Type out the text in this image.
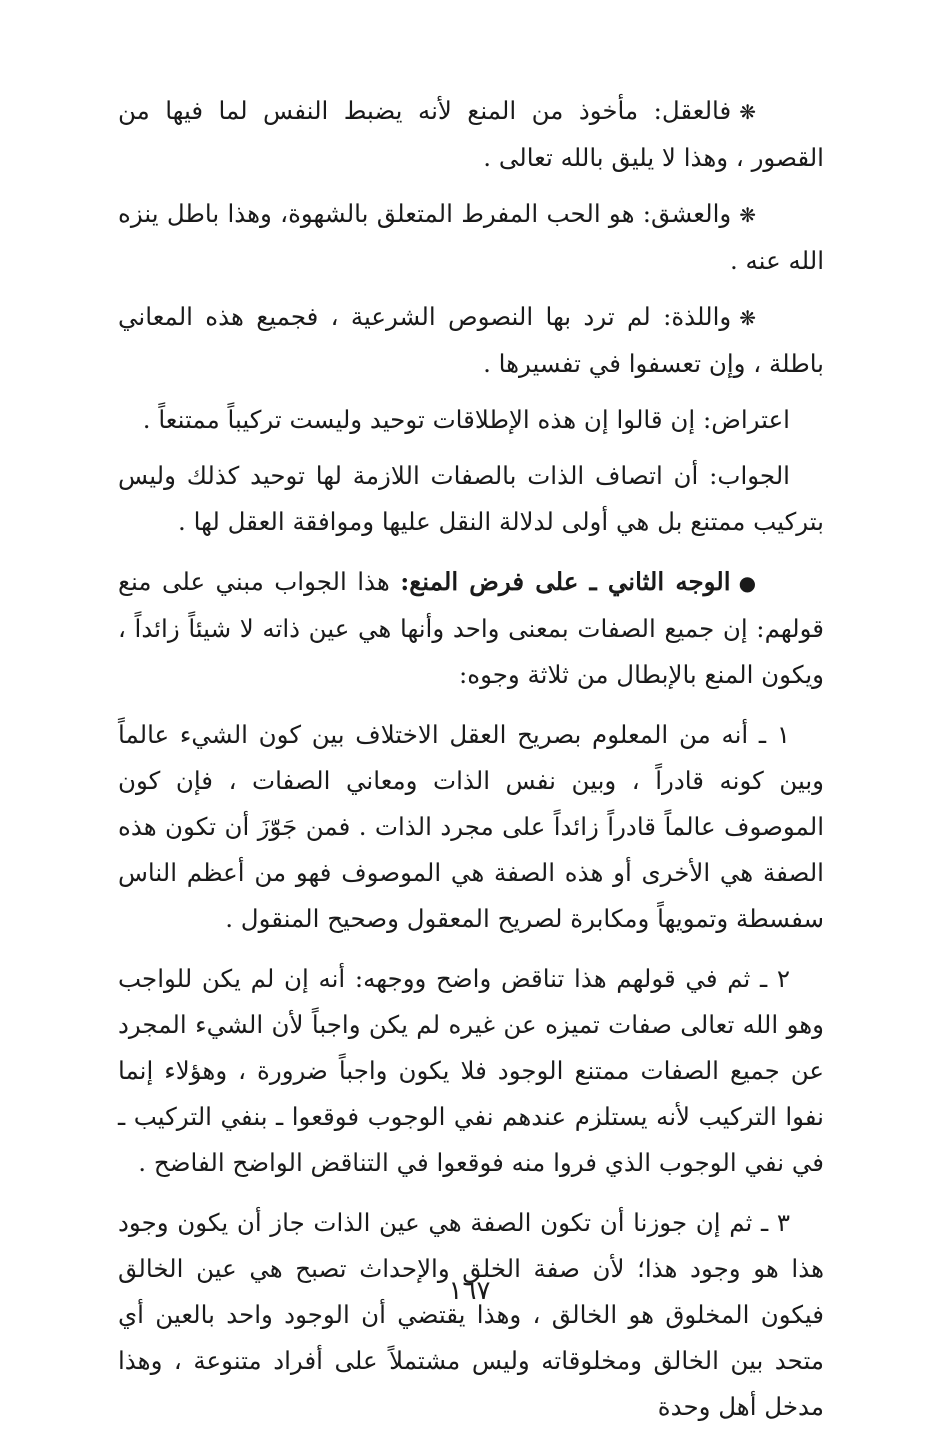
❋فالعقل: مأخوذ من المنع لأنه يضبط النفس لما فيها من القصور ، وهذا لا يليق بالله تعالى .

❋والعشق: هو الحب المفرط المتعلق بالشهوة، وهذا باطل ينزه الله عنه .

❋واللذة: لم ترد بها النصوص الشرعية ، فجميع هذه المعاني باطلة ، وإن تعسفوا في تفسيرها .

اعتراض: إن قالوا إن هذه الإطلاقات توحيد وليست تركيباً ممتنعاً .

الجواب: أن اتصاف الذات بالصفات اللازمة لها توحيد كذلك وليس بتركيب ممتنع بل هي أولى لدلالة النقل عليها وموافقة العقل لها .

●الوجه الثاني ـ على فرض المنع: هذا الجواب مبني على منع قولهم: إن جميع الصفات بمعنى واحد وأنها هي عين ذاته لا شيئاً زائداً ، ويكون المنع بالإبطال من ثلاثة وجوه:

١ ـ أنه من المعلوم بصريح العقل الاختلاف بين كون الشيء عالماً وبين كونه قادراً ، وبين نفس الذات ومعاني الصفات ، فإن كون الموصوف عالماً قادراً زائداً على مجرد الذات . فمن جَوّزَ أن تكون هذه الصفة هي الأخرى أو هذه الصفة هي الموصوف فهو من أعظم الناس سفسطة وتمويهاً ومكابرة لصريح المعقول وصحيح المنقول .

٢ ـ ثم في قولهم هذا تناقض واضح ووجهه: أنه إن لم يكن للواجب وهو الله تعالى صفات تميزه عن غيره لم يكن واجباً لأن الشيء المجرد عن جميع الصفات ممتنع الوجود فلا يكون واجباً ضرورة ، وهؤلاء إنما نفوا التركيب لأنه يستلزم عندهم نفي الوجوب فوقعوا ـ بنفي التركيب ـ في نفي الوجوب الذي فروا منه فوقعوا في التناقض الواضح الفاضح .

٣ ـ ثم إن جوزنا أن تكون الصفة هي عين الذات جاز أن يكون وجود هذا هو وجود هذا؛ لأن صفة الخلق والإحداث تصبح هي عين الخالق فيكون المخلوق هو الخالق ، وهذا يقتضي أن الوجود واحد بالعين أي متحد بين الخالق ومخلوقاته وليس مشتملاً على أفراد متنوعة ، وهذا مدخل أهل وحدة

١٦٧
